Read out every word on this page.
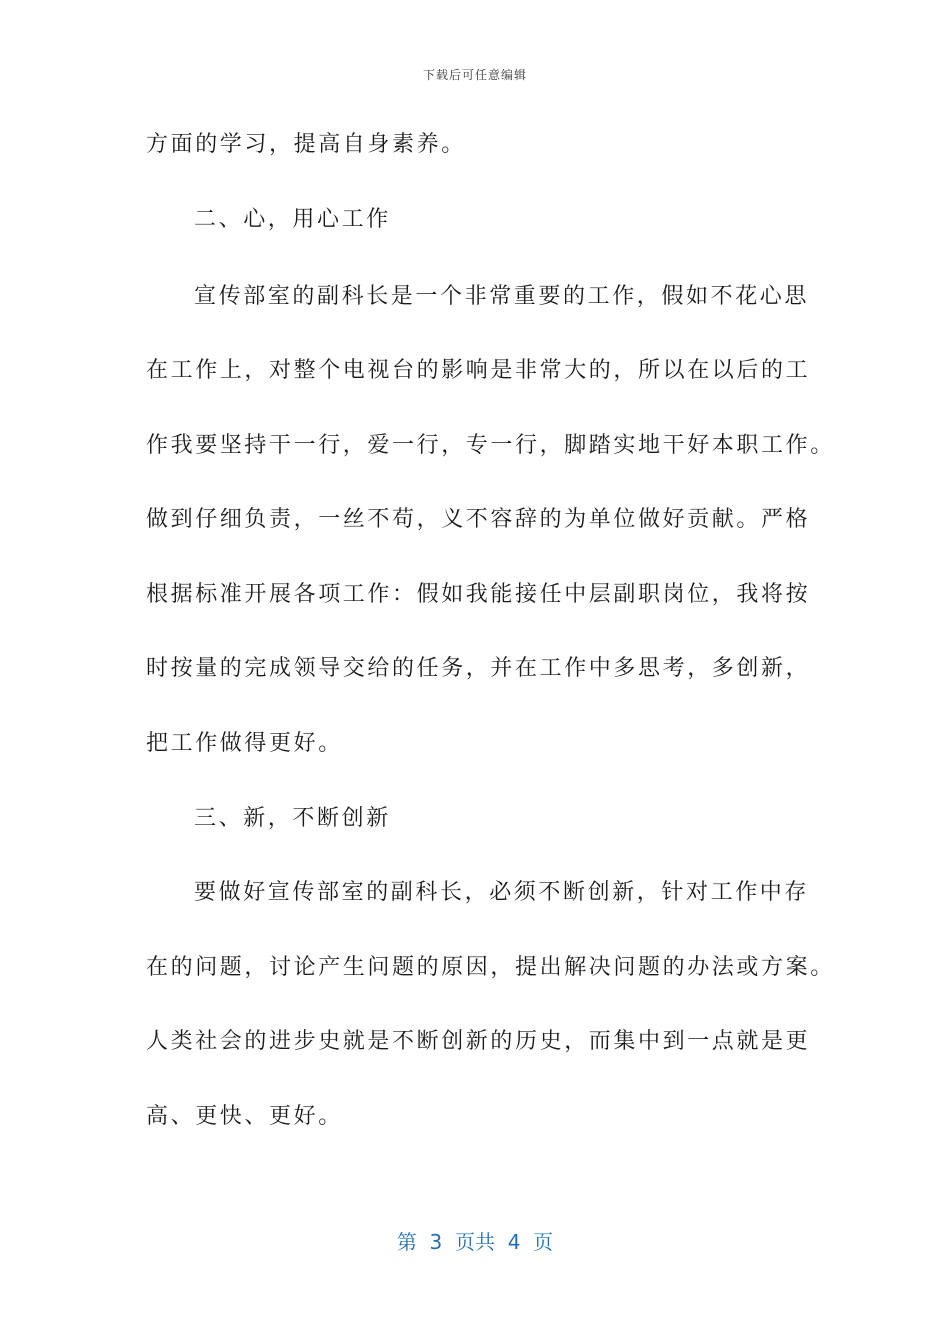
下载后可任意编辑
方面的学习，提高自身素养。
二、心，用心工作
宣传部室的副科长是一个非常重要的工作，假如不花心思
在工作上，对整个电视台的影响是非常大的，所以在以后的工
作我要坚持干一行，爱一行，专一行，脚踏实地干好本职工作。
做到仔细负责，一丝不苟，义不容辞的为单位做好贡献。严格
根据标准开展各项工作：假如我能接任中层副职岗位，我将按
时按量的完成领导交给的任务，并在工作中多思考，多创新，
把工作做得更好。
三、新，不断创新
要做好宣传部室的副科长，必须不断创新，针对工作中存
在的问题，讨论产生问题的原因，提出解决问题的办法或方案。
人类社会的进步史就是不断创新的历史，而集中到一点就是更
高、更快、更好。
第  3  页共  4  页
